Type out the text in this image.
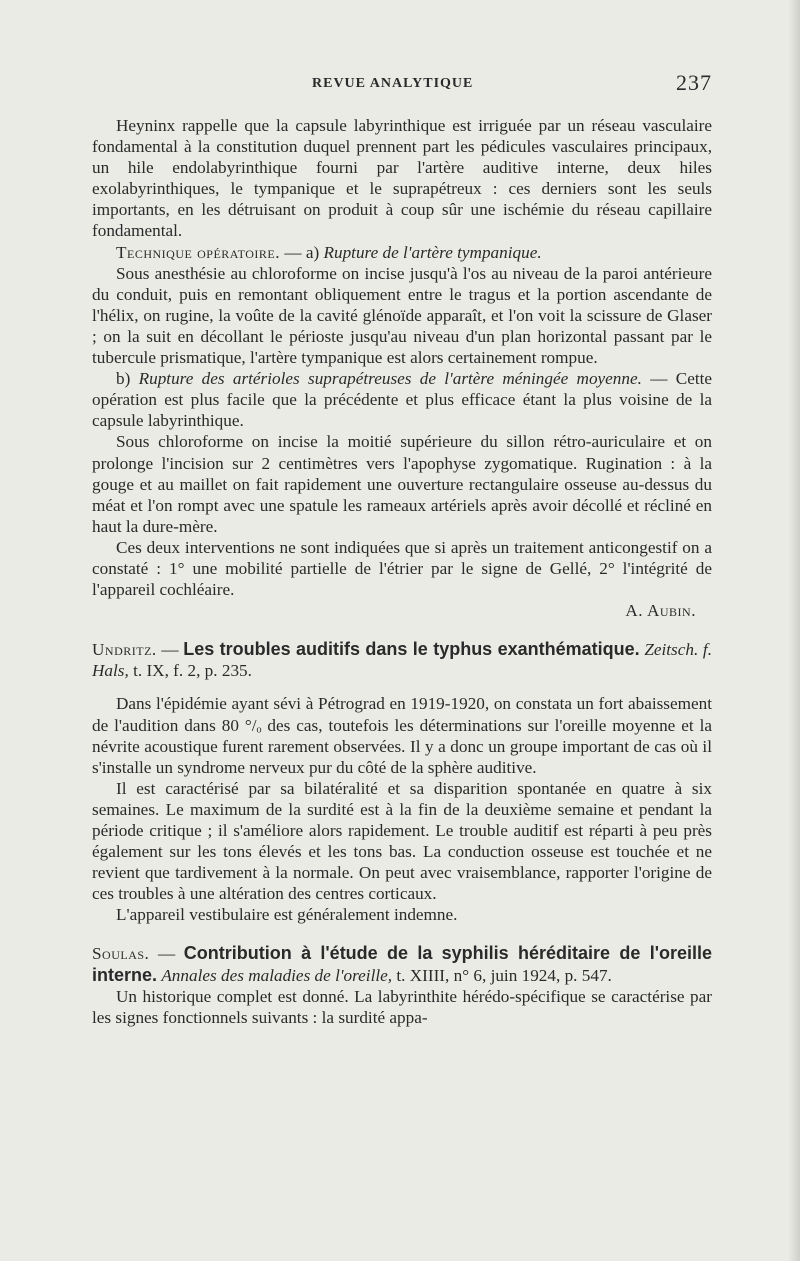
REVUE ANALYTIQUE	237

Heyninx rappelle que la capsule labyrinthique est irriguée par un réseau vasculaire fondamental à la constitution duquel prennent part les pédicules vasculaires principaux, un hile endolabyrinthique fourni par l'artère auditive interne, deux hiles exolabyrinthiques, le tympanique et le suprapétreux : ces derniers sont les seuls importants, en les détruisant on produit à coup sûr une ischémie du réseau capillaire fondamental.

Technique opératoire. — a) Rupture de l'artère tympanique.

Sous anesthésie au chloroforme on incise jusqu'à l'os au niveau de la paroi antérieure du conduit, puis en remontant obliquement entre le tragus et la portion ascendante de l'hélix, on rugine, la voûte de la cavité glénoïde apparaît, et l'on voit la scissure de Glaser ; on la suit en décollant le périoste jusqu'au niveau d'un plan horizontal passant par le tubercule prismatique, l'artère tympanique est alors certainement rompue.

b) Rupture des artérioles suprapétreuses de l'artère méningée moyenne. — Cette opération est plus facile que la précédente et plus efficace étant la plus voisine de la capsule labyrinthique.

Sous chloroforme on incise la moitié supérieure du sillon rétro-auriculaire et on prolonge l'incision sur 2 centimètres vers l'apophyse zygomatique. Rugination : à la gouge et au maillet on fait rapidement une ouverture rectangulaire osseuse au-dessus du méat et l'on rompt avec une spatule les rameaux artériels après avoir décollé et récliné en haut la dure-mère.

Ces deux interventions ne sont indiquées que si après un traitement anticongestif on a constaté : 1° une mobilité partielle de l'étrier par le signe de Gellé, 2° l'intégrité de l'appareil cochléaire.

A. Aubin.

Undritz. — Les troubles auditifs dans le typhus exanthématique. Zeitsch. f. Hals, t. IX, f. 2, p. 235.

Dans l'épidémie ayant sévi à Pétrograd en 1919-1920, on constata un fort abaissement de l'audition dans 80 °/ₒ des cas, toutefois les déterminations sur l'oreille moyenne et la névrite acoustique furent rarement observées. Il y a donc un groupe important de cas où il s'installe un syndrome nerveux pur du côté de la sphère auditive.

Il est caractérisé par sa bilatéralité et sa disparition spontanée en quatre à six semaines. Le maximum de la surdité est à la fin de la deuxième semaine et pendant la période critique ; il s'améliore alors rapidement. Le trouble auditif est réparti à peu près également sur les tons élevés et les tons bas. La conduction osseuse est touchée et ne revient que tardivement à la normale. On peut avec vraisemblance, rapporter l'origine de ces troubles à une altération des centres corticaux.

L'appareil vestibulaire est généralement indemne.

Soulas. — Contribution à l'étude de la syphilis héréditaire de l'oreille interne. Annales des maladies de l'oreille, t. XIIII, n° 6, juin 1924, p. 547.

Un historique complet est donné. La labyrinthite hérédo-spécifique se caractérise par les signes fonctionnels suivants : la surdité appa-
